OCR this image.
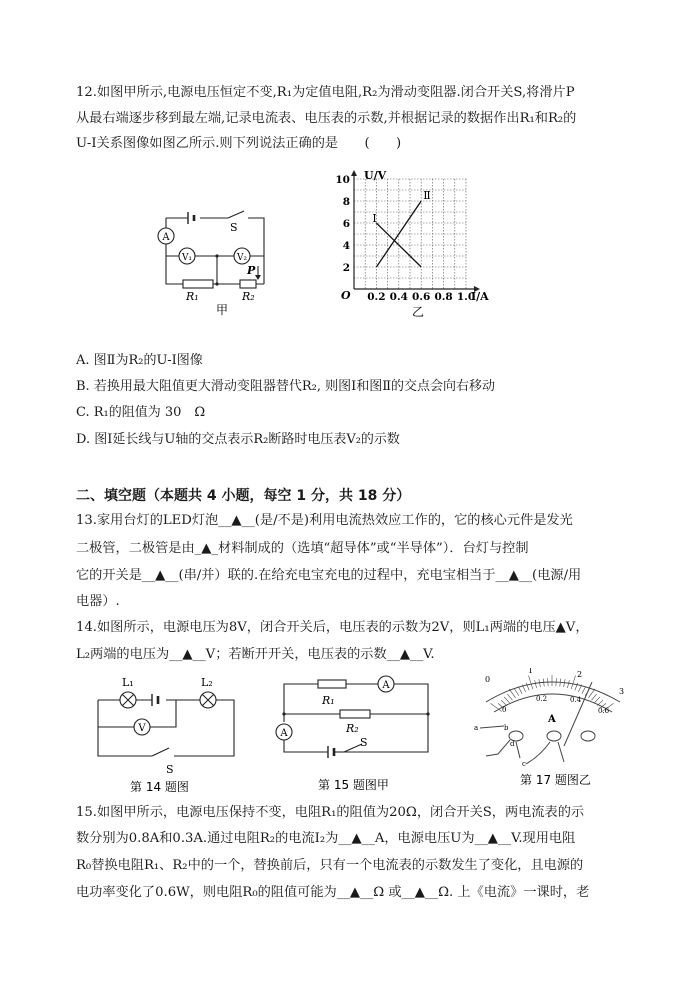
12.如图甲所示,电源电压恒定不变,R₁为定值电阻,R₂为滑动变阻器.闭合开关S,将滑片P
从最右端逐步移到最左端,记录电流表、电压表的示数,并根据记录的数据作出R₁和R₂的
U-I关系图像如图乙所示.则下列说法正确的是　　(　　)
A
V₁	V₂
S
P
R₁	R₂
甲
0.2 0.4 0.6 0.8 1.0
2
4
6
8
10
Ⅰ
Ⅱ
U/V
I/A
O
乙
A. 图Ⅱ为R₂的U-I图像
B. 若换用最大阻值更大滑动变阻器替代R₂, 则图Ⅰ和图Ⅱ的交点会向右移动
C. R₁的阻值为 30　Ω
D. 图Ⅰ延长线与U轴的交点表示R₂断路时电压表V₂的示数
二、填空题（本题共 4 小题，每空 1 分，共 18 分）
13.家用台灯的LED灯泡__▲__(是/不是)利用电流热效应工作的，它的核心元件是发光
二极管，二极管是由_▲_材料制成的（选填“超导体”或“半导体”）．台灯与控制
它的开关是__▲__(串/并）联的.在给充电宝充电的过程中，充电宝相当于__▲__(电源/用
电器）.
14.如图所示，电源电压为8V，闭合开关后，电压表的示数为2V，则L₁两端的电压▲V，
L₂两端的电压为__▲__V；若断开开关，电压表的示数__▲__V.
L₁	L₂
V
S
第 14 题图
A
A
R₁
R₂
S
第 15 题图甲
0
1	2
3
0
0.2	0.4
0.6
A
a	b
c
d
第 17 题图乙
15.如图甲所示，电源电压保持不变，电阻R₁的阻值为20Ω，闭合开关S，两电流表的示
数分别为0.8A和0.3A.通过电阻R₂的电流I₂为__▲__A，电源电压U为__▲__V.现用电阻
R₀替换电阻R₁、R₂中的一个，替换前后，只有一个电流表的示数发生了变化，且电源的
电功率变化了0.6W，则电阻R₀的阻值可能为__▲__Ω 或__▲__Ω. 上《电流》一课时，老
